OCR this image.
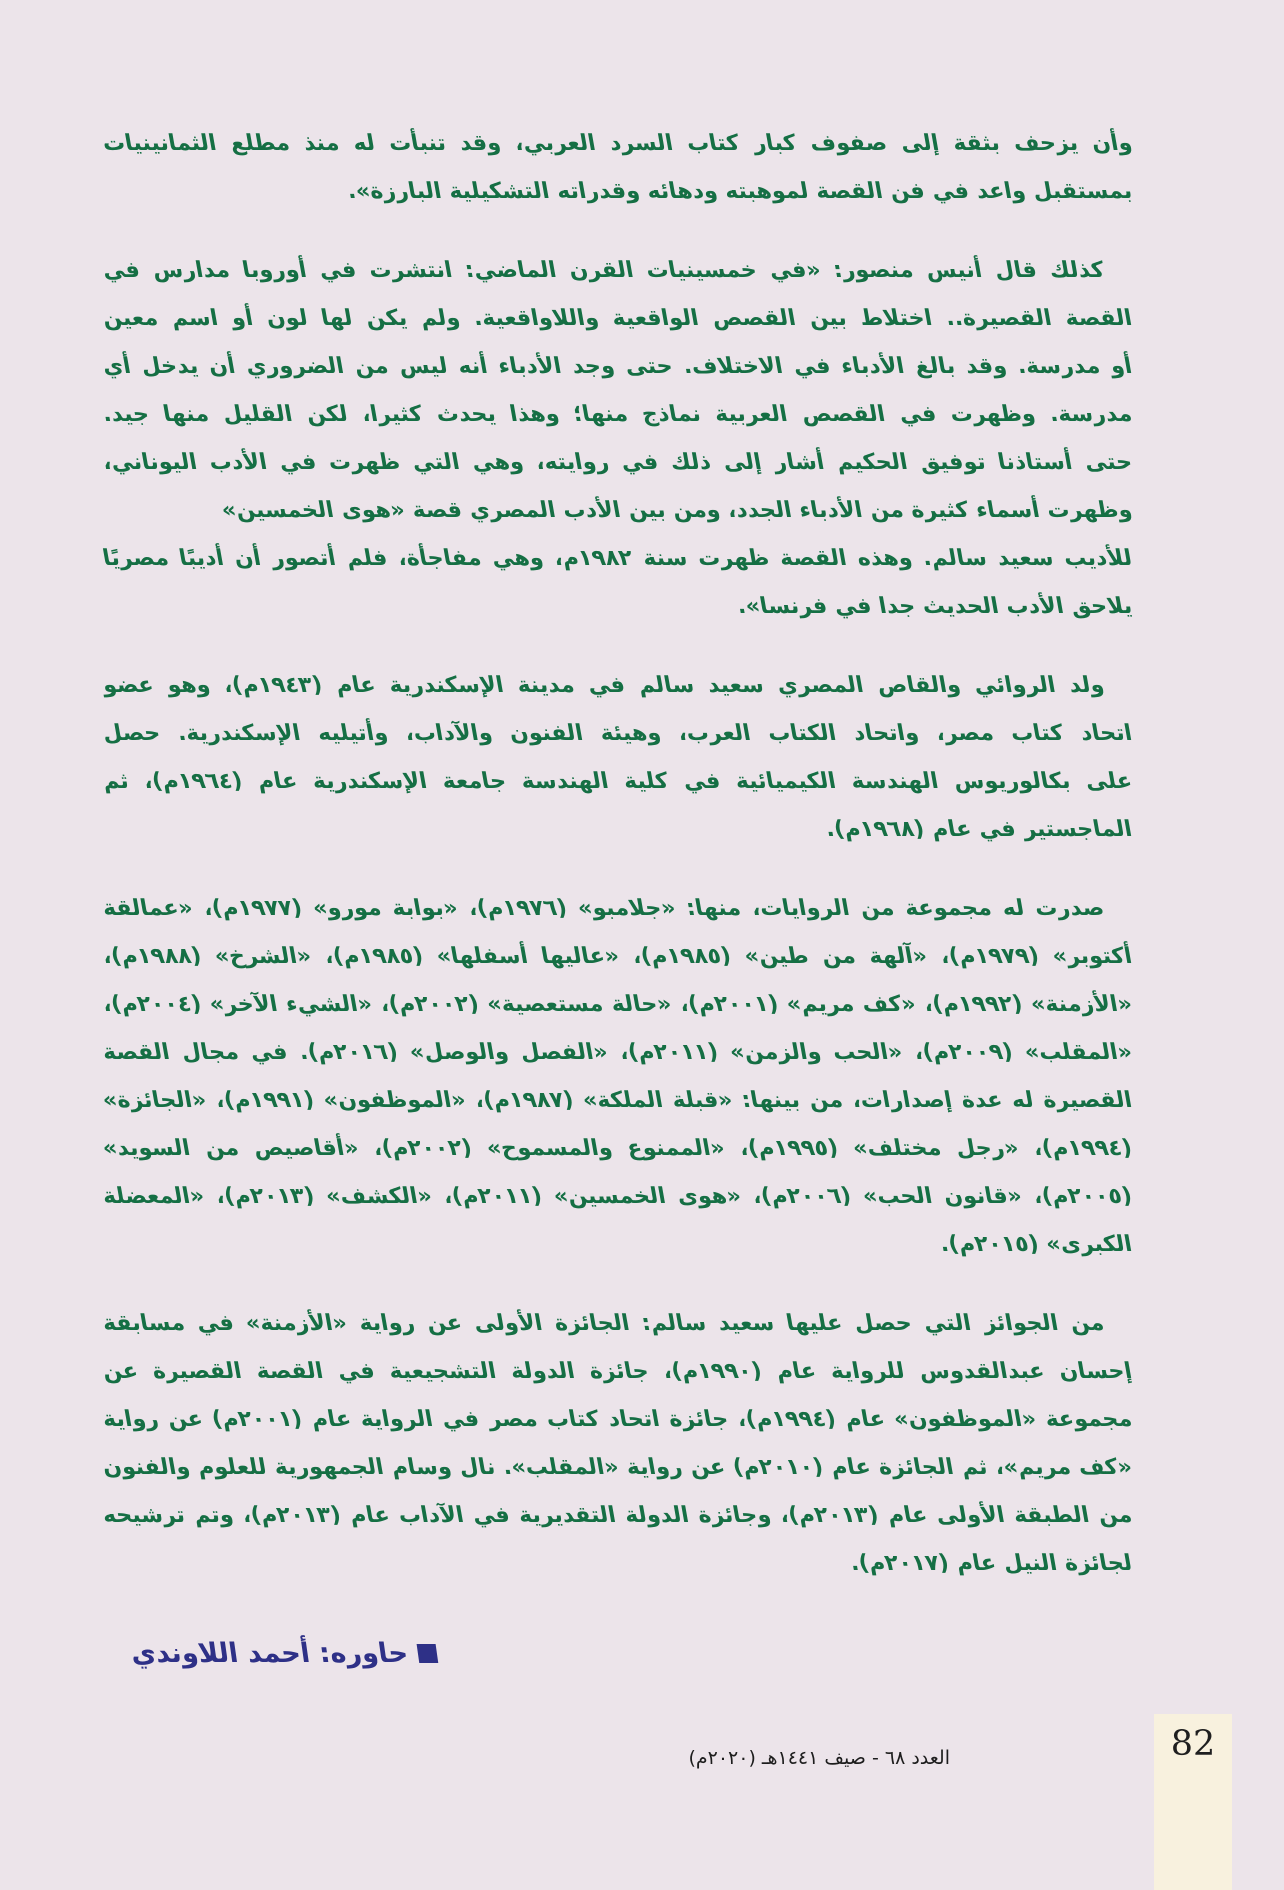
وأن يزحف بثقة إلى صفوف كبار كتاب السرد العربي، وقد تنبأت له منذ مطلع الثمانينيات
بمستقبل واعد في فن القصة لموهبته ودهائه وقدراته التشكيلية البارزة».
كذلك قال أنيس منصور: «في خمسينيات القرن الماضي: انتشرت في أوروبا مدارس في
القصة القصيرة.. اختلاط بين القصص الواقعية واللاواقعية. ولم يكن لها لون أو اسم معين
أو مدرسة. وقد بالغ الأدباء في الاختلاف. حتى وجد الأدباء أنه ليس من الضروري أن يدخل أي
مدرسة. وظهرت في القصص العربية نماذج منها؛ وهذا يحدث كثيرا، لكن القليل منها جيد.
حتى أستاذنا توفيق الحكيم أشار إلى ذلك في روايته، وهي التي ظهرت في الأدب اليوناني،
وظهرت أسماء كثيرة من الأدباء الجدد، ومن بين الأدب المصري قصة «هوى الخمسين»
للأديب سعيد سالم. وهذه القصة ظهرت سنة ١٩٨٢م، وهي مفاجأة، فلم أتصور أن أديبًا مصريًا
يلاحق الأدب الحديث جدا في فرنسا».
ولد الروائي والقاص المصري سعيد سالم في مدينة الإسكندرية عام (١٩٤٣م)، وهو عضو
اتحاد كتاب مصر، واتحاد الكتاب العرب، وهيئة الفنون والآداب، وأتيليه الإسكندرية. حصل
على بكالوريوس الهندسة الكيميائية في كلية الهندسة جامعة الإسكندرية عام (١٩٦٤م)، ثم
الماجستير في عام (١٩٦٨م).
صدرت له مجموعة من الروايات، منها: «جلامبو» (١٩٧٦م)، «بوابة مورو» (١٩٧٧م)، «عمالقة
أكتوبر» (١٩٧٩م)، «آلهة من طين» (١٩٨٥م)، «عاليها أسفلها» (١٩٨٥م)، «الشرخ» (١٩٨٨م)،
«الأزمنة» (١٩٩٢م)، «كف مريم» (٢٠٠١م)، «حالة مستعصية» (٢٠٠٢م)، «الشيء الآخر» (٢٠٠٤م)،
«المقلب» (٢٠٠٩م)، «الحب والزمن» (٢٠١١م)، «الفصل والوصل» (٢٠١٦م). في مجال القصة
القصيرة له عدة إصدارات، من بينها: «قبلة الملكة» (١٩٨٧م)، «الموظفون» (١٩٩١م)، «الجائزة»
(١٩٩٤م)، «رجل مختلف» (١٩٩٥م)، «الممنوع والمسموح» (٢٠٠٢م)، «أقاصيص من السويد»
(٢٠٠٥م)، «قانون الحب» (٢٠٠٦م)، «هوى الخمسين» (٢٠١١م)، «الكشف» (٢٠١٣م)، «المعضلة
الكبرى» (٢٠١٥م).
من الجوائز التي حصل عليها سعيد سالم: الجائزة الأولى عن رواية «الأزمنة» في مسابقة
إحسان عبدالقدوس للرواية عام (١٩٩٠م)، جائزة الدولة التشجيعية في القصة القصيرة عن
مجموعة «الموظفون» عام (١٩٩٤م)، جائزة اتحاد كتاب مصر في الرواية عام (٢٠٠١م) عن رواية
«كف مريم»، ثم الجائزة عام (٢٠١٠م) عن رواية «المقلب». نال وسام الجمهورية للعلوم والفنون
من الطبقة الأولى عام (٢٠١٣م)، وجائزة الدولة التقديرية في الآداب عام (٢٠١٣م)، وتم ترشيحه
لجائزة النيل عام (٢٠١٧م).
حاوره: أحمد اللاوندي
العدد ٦٨ - صيف ١٤٤١هـ (٢٠٢٠م)	82
